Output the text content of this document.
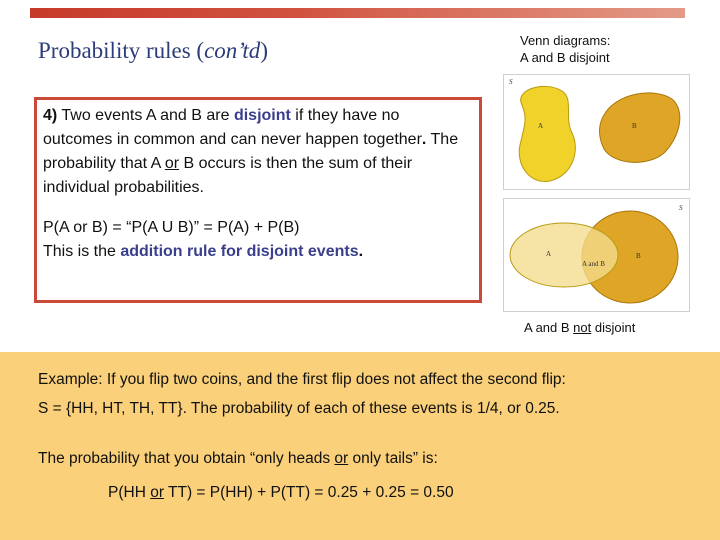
Probability rules (con’td)	Venn diagrams:
A and B disjoint
4) Two events A and B are disjoint if they have no outcomes in common and can never happen together. The probability that A or B occurs is then the sum of their individual probabilities.
P(A or B) = “P(A U B)” = P(A) + P(B)
This is the addition rule for disjoint events.
S
A	B
S
A
A and B
B
A and B not disjoint
Example: If you flip two coins, and the first flip does not affect the second flip:
S = {HH, HT, TH, TT}. The probability of each of these events is 1/4, or 0.25.
The probability that you obtain “only heads or only tails” is:
P(HH or TT) = P(HH) + P(TT) = 0.25 + 0.25 = 0.50
